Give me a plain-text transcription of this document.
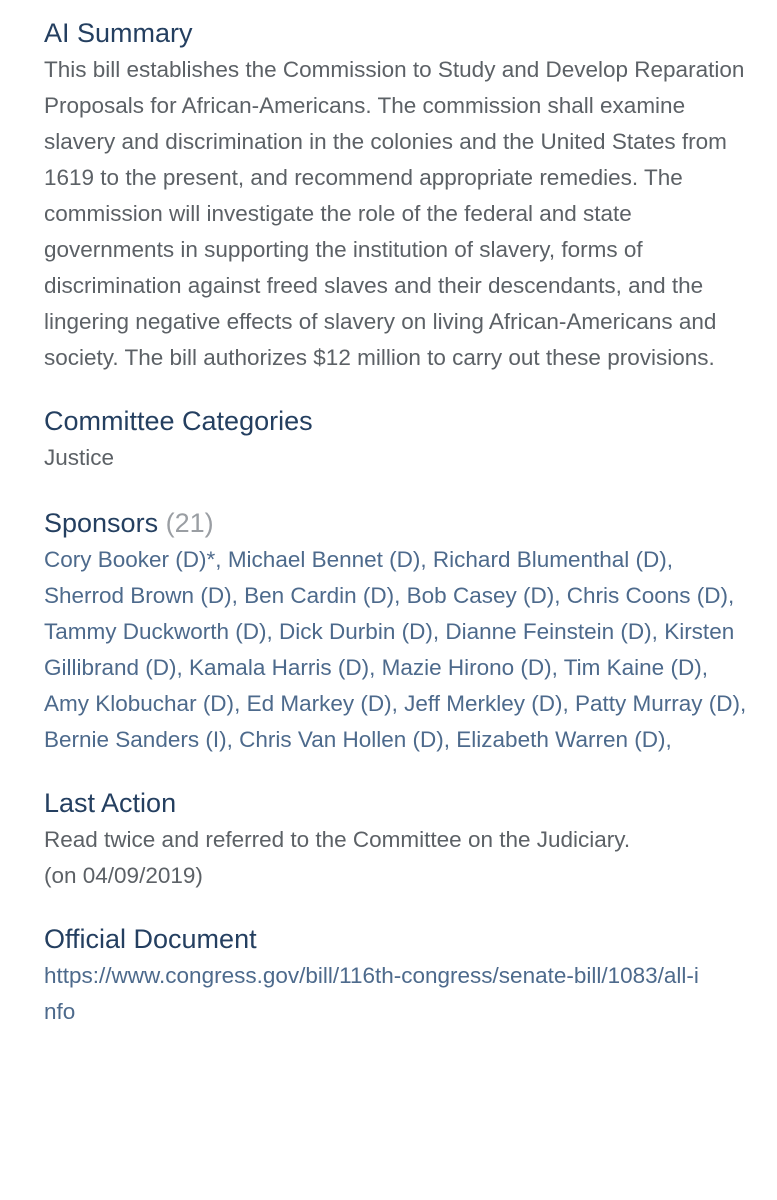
AI Summary

This bill establishes the Commission to Study and Develop Reparation Proposals for African-Americans. The commission shall examine slavery and discrimination in the colonies and the United States from 1619 to the present, and recommend appropriate remedies. The commission will investigate the role of the federal and state governments in supporting the institution of slavery, forms of discrimination against freed slaves and their descendants, and the lingering negative effects of slavery on living African-Americans and society. The bill authorizes $12 million to carry out these provisions.

Committee Categories

Justice

Sponsors (21)

Cory Booker (D)*, Michael Bennet (D), Richard Blumenthal (D), Sherrod Brown (D), Ben Cardin (D), Bob Casey (D), Chris Coons (D), Tammy Duckworth (D), Dick Durbin (D), Dianne Feinstein (D), Kirsten Gillibrand (D), Kamala Harris (D), Mazie Hirono (D), Tim Kaine (D), Amy Klobuchar (D), Ed Markey (D), Jeff Merkley (D), Patty Murray (D), Bernie Sanders (I), Chris Van Hollen (D), Elizabeth Warren (D),

Last Action

Read twice and referred to the Committee on the Judiciary.
(on 04/09/2019)

Official Document
https://www.congress.gov/bill/116th-congress/senate-bill/1083/all-info
